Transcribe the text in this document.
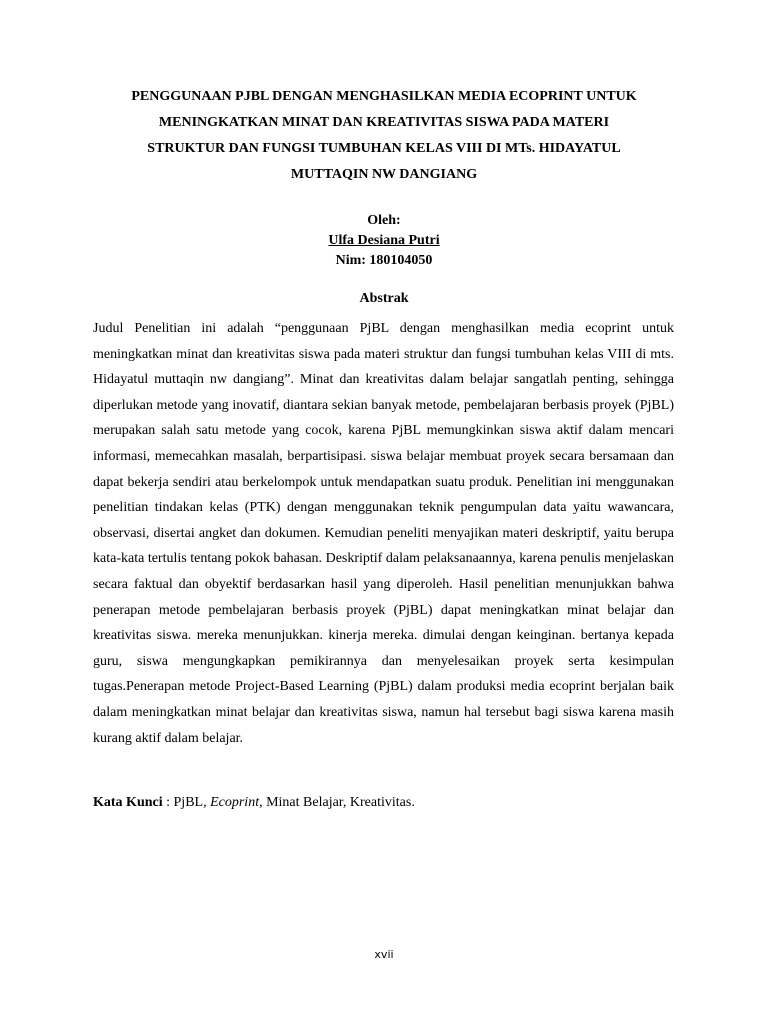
PENGGUNAAN PJBL DENGAN MENGHASILKAN MEDIA ECOPRINT UNTUK
MENINGKATKAN MINAT DAN KREATIVITAS SISWA PADA MATERI
STRUKTUR DAN FUNGSI TUMBUHAN KELAS VIII DI MTs. HIDAYATUL
MUTTAQIN NW DANGIANG
Oleh:
Ulfa Desiana Putri
Nim: 180104050
Abstrak

Judul Penelitian ini adalah “penggunaan PjBL dengan menghasilkan media ecoprint untuk meningkatkan minat dan kreativitas siswa pada materi struktur dan fungsi tumbuhan kelas VIII di mts. Hidayatul muttaqin nw dangiang”. Minat dan kreativitas dalam belajar sangatlah penting, sehingga diperlukan metode yang inovatif, diantara sekian banyak metode, pembelajaran berbasis proyek (PjBL) merupakan salah satu metode yang cocok, karena PjBL memungkinkan siswa aktif dalam mencari informasi, memecahkan masalah, berpartisipasi. siswa belajar membuat proyek secara bersamaan dan dapat bekerja sendiri atau berkelompok untuk mendapatkan suatu produk. Penelitian ini menggunakan penelitian tindakan kelas (PTK) dengan menggunakan teknik pengumpulan data yaitu wawancara, observasi, disertai angket dan dokumen. Kemudian peneliti menyajikan materi deskriptif, yaitu berupa kata-kata tertulis tentang pokok bahasan. Deskriptif dalam pelaksanaannya, karena penulis menjelaskan secara faktual dan obyektif berdasarkan hasil yang diperoleh. Hasil penelitian menunjukkan bahwa penerapan metode pembelajaran berbasis proyek (PjBL) dapat meningkatkan minat belajar dan kreativitas siswa. mereka menunjukkan. kinerja mereka. dimulai dengan keinginan. bertanya kepada guru, siswa mengungkapkan pemikirannya dan menyelesaikan proyek serta kesimpulan tugas.Penerapan metode Project-Based Learning (PjBL) dalam produksi media ecoprint berjalan baik dalam meningkatkan minat belajar dan kreativitas siswa, namun hal tersebut bagi siswa karena masih kurang aktif dalam belajar.

Kata Kunci : PjBL, Ecoprint, Minat Belajar, Kreativitas.

xvii
